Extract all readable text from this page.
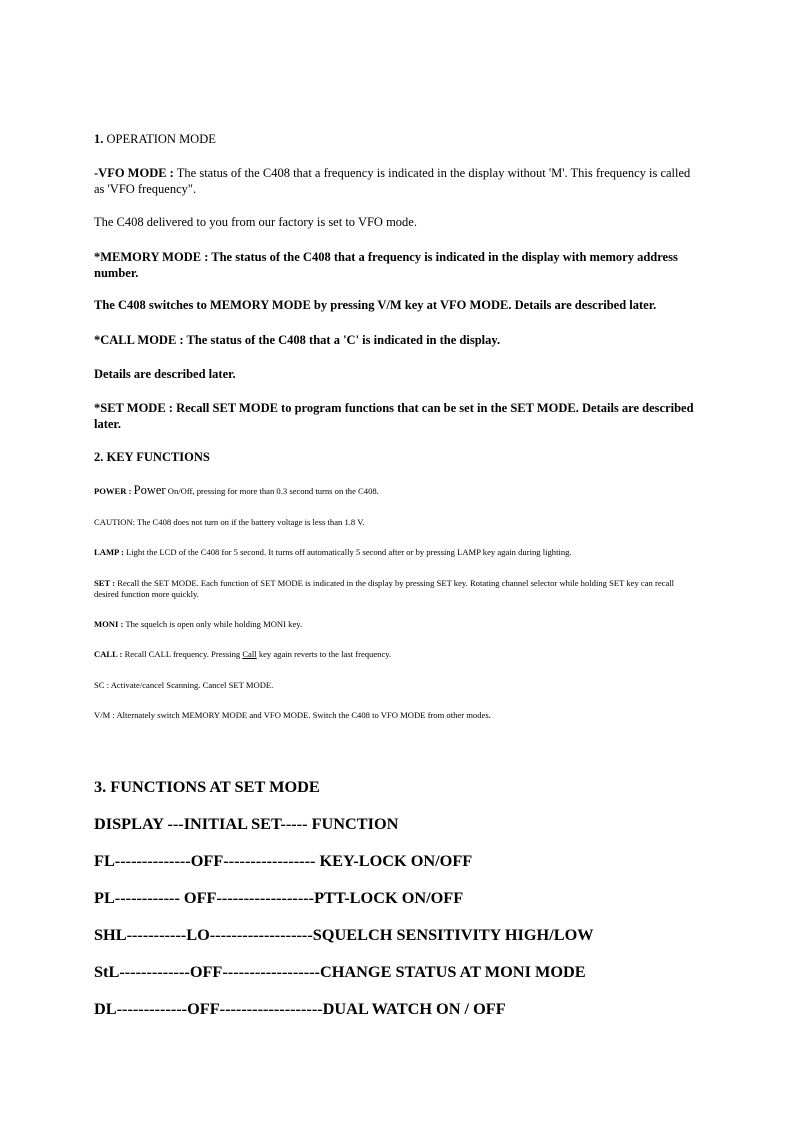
1. OPERATION MODE

-VFO MODE : The status of the C408 that a frequency is indicated in the display without 'M'. This frequency is called as 'VFO frequency".

The C408 delivered to you from our factory is set to VFO mode.

*MEMORY MODE : The status of the C408 that a frequency is indicated in the display with memory address number.

The C408 switches to MEMORY MODE by pressing V/M key at VFO MODE. Details are described later.

*CALL MODE : The status of the C408 that a 'C' is indicated in the display.

Details are described later.

*SET MODE : Recall SET MODE to program functions that can be set in the SET MODE. Details are described later.

2. KEY FUNCTIONS

POWER : Power On/Off, pressing for more than 0.3 second turns on the C408.

CAUTION: The C408 does not turn on if the battery voltage is less than 1.8 V.

LAMP : Light the LCD of the C408 for 5 second. It turns off automatically 5 second after or by pressing LAMP key again during lighting.

SET : Recall the SET MODE. Each function of SET MODE is indicated in the display by pressing SET key. Rotating channel selector while holding SET key can recall desired function more quickly.

MONI : The squelch is open only while holding MONI key.

CALL : Recall CALL frequency. Pressing Call key again reverts to the last frequency.

SC : Activate/cancel Scanning. Cancel SET MODE.

V/M : Alternately switch MEMORY MODE and VFO MODE. Switch the C408 to VFO MODE from other modes.

3. FUNCTIONS AT SET MODE

DISPLAY ---INITIAL SET----- FUNCTION

FL--------------OFF----------------- KEY-LOCK ON/OFF

PL------------ OFF------------------PTT-LOCK ON/OFF

SHL-----------LO-------------------SQUELCH SENSITIVITY HIGH/LOW

StL-------------OFF------------------CHANGE STATUS AT MONI MODE

DL-------------OFF-------------------DUAL WATCH ON / OFF
